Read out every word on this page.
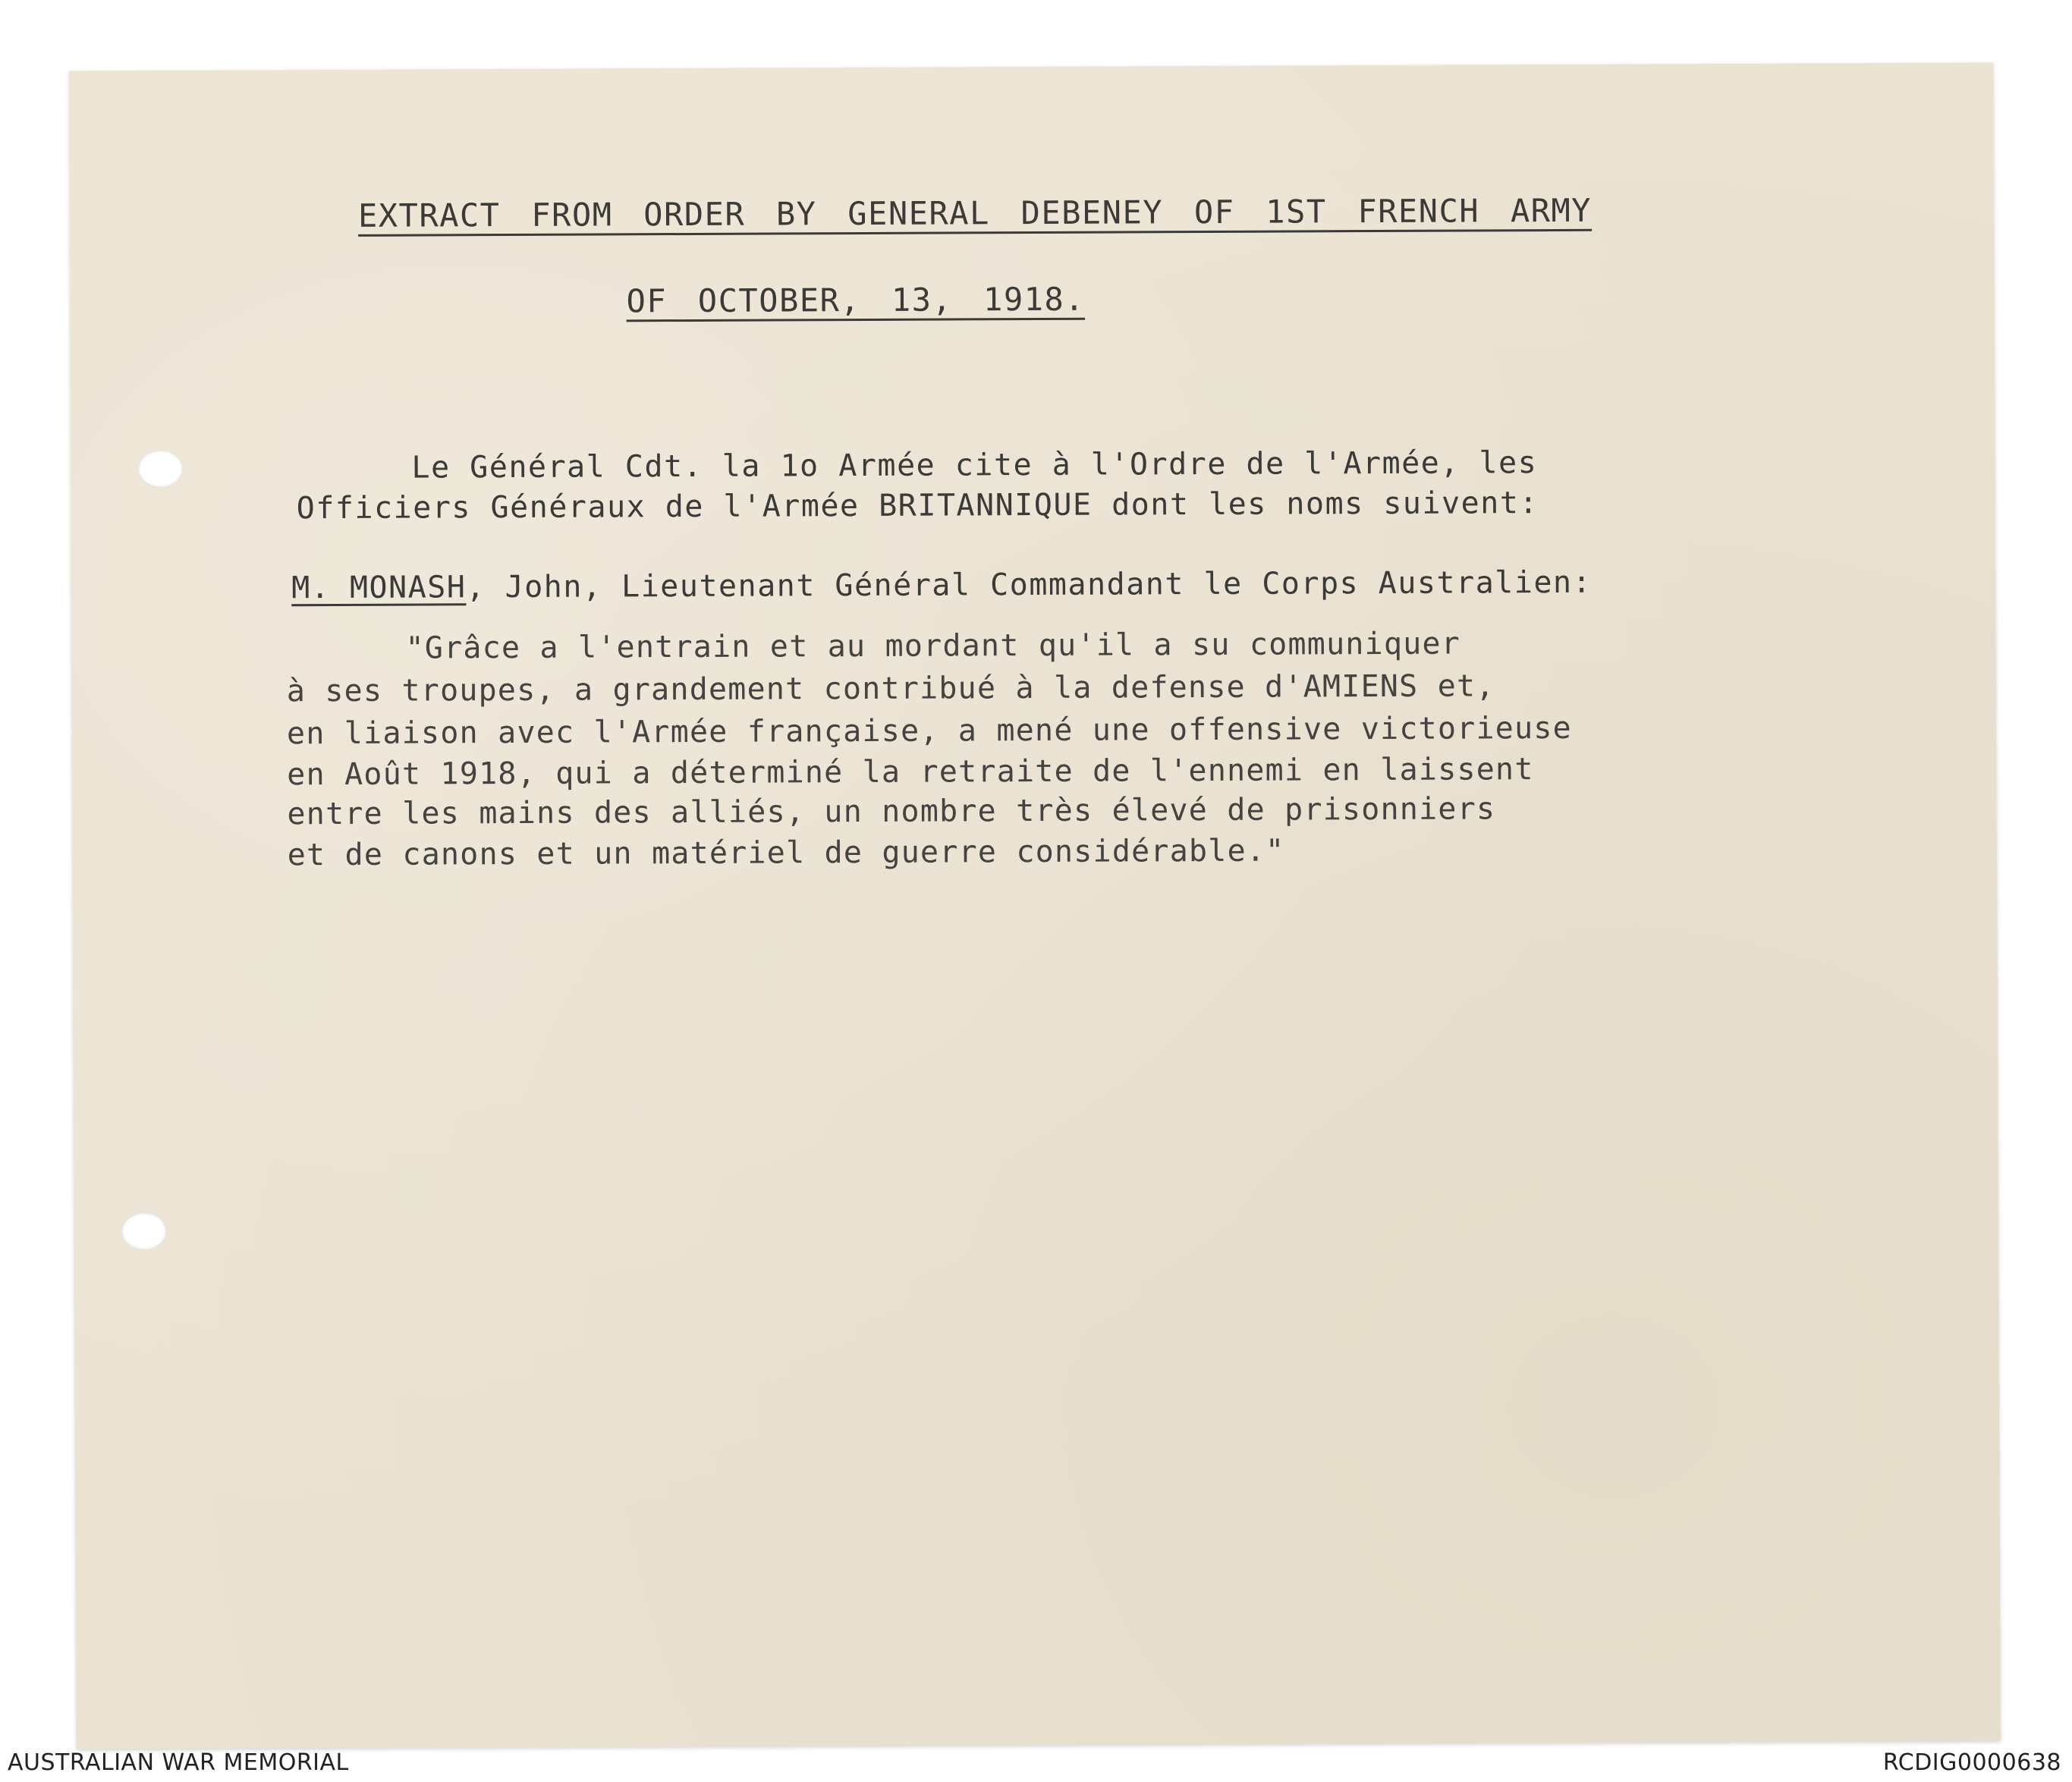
EXTRACT FROM ORDER BY GENERAL DEBENEY OF 1ST FRENCH ARMY
OF OCTOBER, 13, 1918.
Le Général Cdt. la 1o Armée cite à l'Ordre de l'Armée, les
Officiers Généraux de l'Armée BRITANNIQUE dont les noms suivent:
M. MONASH, John, Lieutenant Général Commandant le Corps Australien:
"Grâce a l'entrain et au mordant qu'il a su communiquer
à ses troupes, a grandement contribué à la defense d'AMIENS et,
en liaison avec l'Armée française, a mené une offensive victorieuse
en Août 1918, qui a déterminé la retraite de l'ennemi en laissent
entre les mains des alliés, un nombre très élevé de prisonniers
et de canons et un matériel de guerre considérable."
AUSTRALIAN WAR MEMORIAL	RCDIG0000638
